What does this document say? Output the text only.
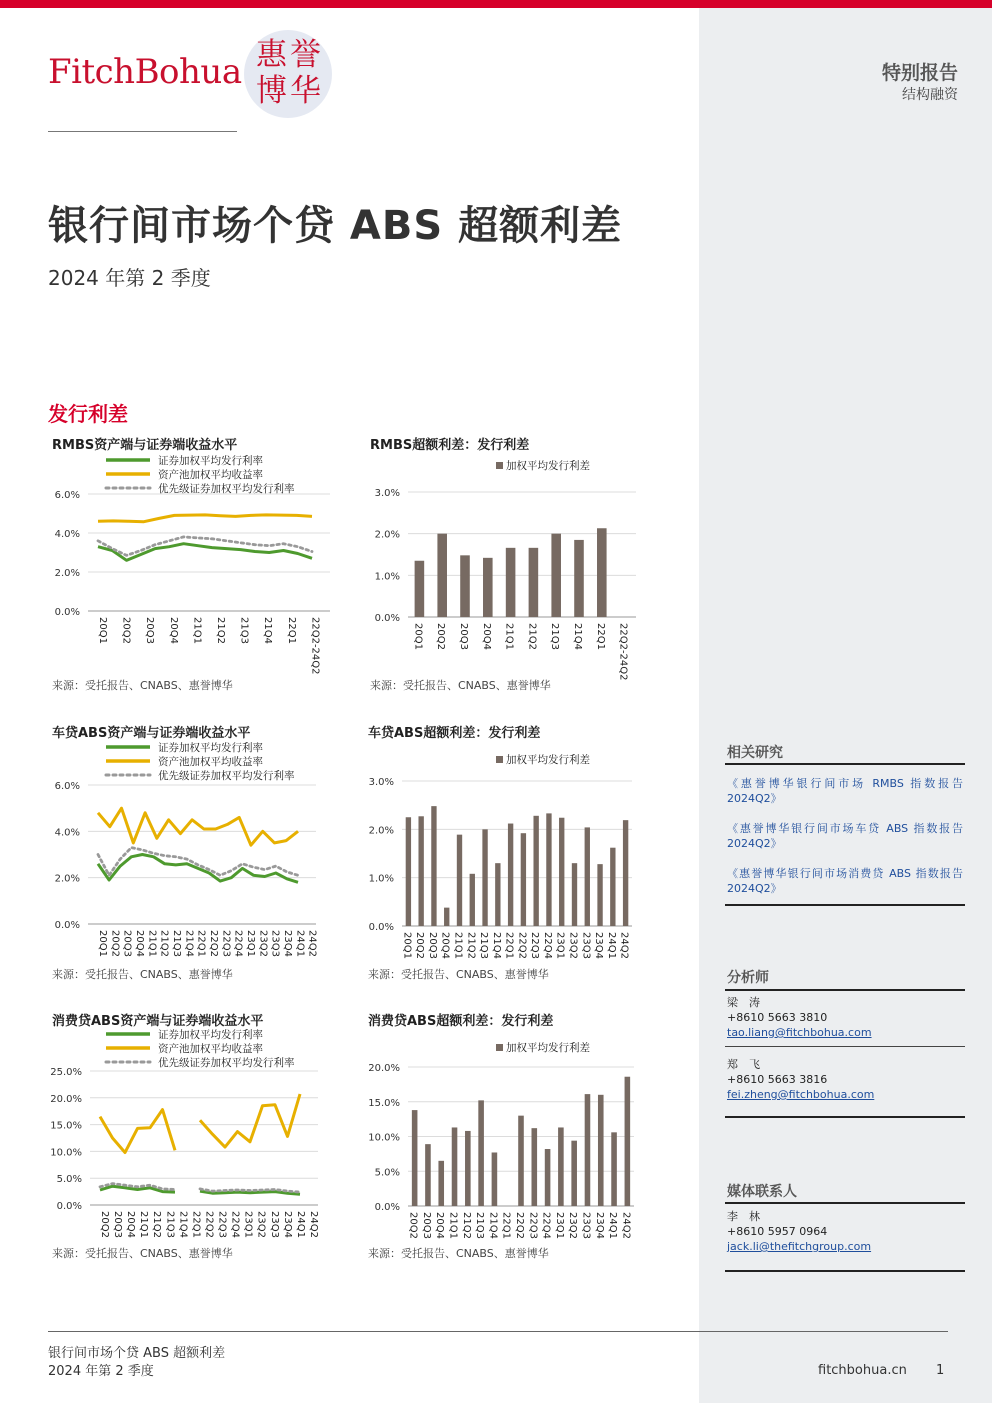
FitchBohua 惠 誉
博 华	特别报告
结构融资
银行间市场个贷 ABS 超额利差
2024 年第 2 季度
发行利差
RMBS资产端与证券端收益水平
0.0%
2.0%
4.0%
6.0%
证券加权平均发行利率
资产池加权平均收益率
优先级证券加权平均发行利率
20Q1 20Q2 20Q3 20Q4 21Q1 21Q2 21Q3 21Q4 22Q1 22Q2-24Q2
来源：受托报告、CNABS、惠誉博华
RMBS超额利差：发行利差
0.0%
1.0%
2.0%
3.0%
加权平均发行利差
20Q1 20Q2 20Q3 20Q4 21Q1 21Q2 21Q3 21Q4 22Q1 22Q2-24Q2
来源：受托报告、CNABS、惠誉博华
车贷ABS资产端与证券端收益水平
0.0%
2.0%
4.0%
6.0%
证券加权平均发行利率
资产池加权平均收益率
优先级证券加权平均发行利率
20Q1 20Q2 20Q3 20Q4 21Q1 21Q2 21Q3 21Q4 22Q1 22Q2 22Q3 22Q4 23Q1 23Q2 23Q3 23Q4 24Q1 24Q2
来源：受托报告、CNABS、惠誉博华
车贷ABS超额利差：发行利差
0.0%
1.0%
2.0%
3.0%
加权平均发行利差
20Q1 20Q2 20Q3 20Q4 21Q1 21Q2 21Q3 21Q4 22Q1 22Q2 22Q3 22Q4 23Q1 23Q2 23Q3 23Q4 24Q1 24Q2
来源：受托报告、CNABS、惠誉博华
消费贷ABS资产端与证券端收益水平
0.0%
5.0%
10.0%
15.0%
20.0%
25.0%
证券加权平均发行利率
资产池加权平均收益率
优先级证券加权平均发行利率
20Q2 20Q3 20Q4 21Q1 21Q2 21Q3 21Q4 22Q1 22Q2 22Q3 22Q4 23Q1 23Q2 23Q3 23Q4 24Q1 24Q2
来源：受托报告、CNABS、惠誉博华
消费贷ABS超额利差：发行利差
0.0%
5.0%
10.0%
15.0%
20.0%
加权平均发行利差
20Q2 20Q3 20Q4 21Q1 21Q2 21Q3 21Q4 22Q1 22Q2 22Q3 22Q4 23Q1 23Q2 23Q3 23Q4 24Q1 24Q2
来源：受托报告、CNABS、惠誉博华
相关研究
《惠誉博华银行间市场 RMBS 指数报告 2024Q2》
《惠誉博华银行间市场车贷 ABS 指数报告 2024Q2》
《惠誉博华银行间市场消费贷 ABS 指数报告 2024Q2》
分析师
梁　涛
+8610 5663 3810
tao.liang@fitchbohua.com
郑　飞
+8610 5663 3816
fei.zheng@fitchbohua.com
媒体联系人
李　林
+8610 5957 0964
jack.li@thefitchgroup.com
银行间市场个贷 ABS 超额利差
2024 年第 2 季度	fitchbohua.cn 1
